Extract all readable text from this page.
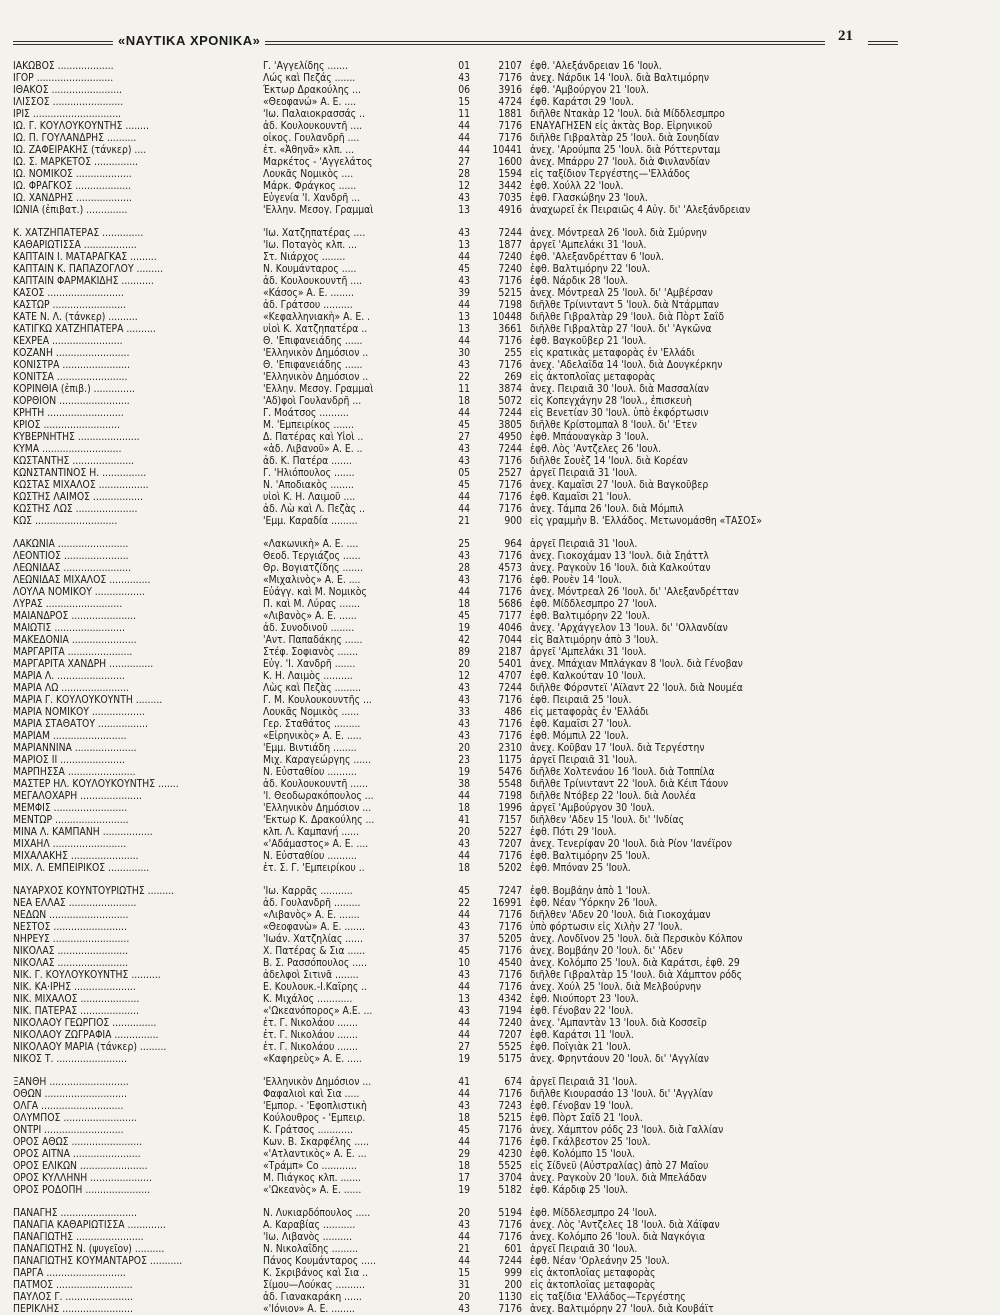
«ΝΑΥΤΙΚΑ ΧΡΟΝΙΚΑ»	21
ΙΑΚΩΒΟΣ ...................	Γ. 'Αγγελίδης .......	01	2107 έφθ. 'Αλεξάνδρειαν 16 'Ιουλ.
ΙΓΟΡ ..........................	Λώς καὶ Πεζάς .......	43	7176 ἀνεχ. Νάρδικ 14 'Ιουλ. διὰ Βαλτιμόρην
ΙΘΑΚΟΣ ........................	Έκτωρ Δρακούλης ...	06	3916 έφθ. 'Αμβούργον 21 'Ιουλ.
ΙΛΙΣΣΟΣ ........................	«Θεοφανώ» Α. Ε. ....	15	4724 έφθ. Καράτσι 29 'Ιουλ.
ΙΡΙΣ ..............................	'Ιω. Παλαιοκρασσάς ..	11	1881 διῆλθε Ντακὰρ 12 'Ιουλ. διὰ Μίδδλεσμπρο
ΙΩ. Γ. ΚΟΥΛΟΥΚΟΥΝΤΗΣ ........	ἀδ. Κουλουκουντῆ ....	44	7176 ΕΝΑΥΑΓΗΣΕΝ εἰς ἀκτὰς Βορ. Εἰρηνικοῦ
ΙΩ. Π. ΓΟΥΛΑΝΔΡΗΣ ..........	οἶκος. Γουλανδρῆ ....	44	7176 διῆλθε Γιβραλτὰρ 25 'Ιουλ. διὰ Σουηδίαν
ΙΩ. ΖΑΦΕΙΡΑΚΗΣ (τάνκερ) ....	ἐτ. «Ἀθηνᾶ» κλπ. ...	44	10441 ἀνεχ. 'Αρούμπα 25 'Ιουλ. διὰ Ρόττερνταμ
ΙΩ. Σ. ΜΑΡΚΕΤΟΣ ...............	Μαρκέτος - 'Αγγελάτος	27	1600 ἀνεχ. Μπάρρυ 27 'Ιουλ. διὰ Φινλανδίαν
ΙΩ. ΝΟΜΙΚΟΣ ...................	Λουκᾶς Νομικὸς ....	28	1594 εἰς ταξίδιον Τεργέστης—'Ελλάδος
ΙΩ. ΦΡΑΓΚΟΣ ...................	Μάρκ. Φράγκος ......	12	3442 ἐφθ. Χούλλ 22 'Ιουλ.
ΙΩ. ΧΑΝΔΡΗΣ ...................	Εὐγενία 'Ι. Χανδρῆ ...	43	7035 ἐφθ. Γλασκώβην 23 'Ιουλ.
ΙΩΝΙΑ (ἐπιβατ.) ..............	'Ελλην. Μεσογ. Γραμμαὶ	13	4916 ἀναχωρεῖ ἐκ Πειραιῶς 4 Αὐγ. δι' 'Αλεξάνδρειαν
Κ. ΧΑΤΖΗΠΑΤΕΡΑΣ ..............	'Ιω. Χατζηπατέρας ....	43	7244 ἀνεχ. Μόντρεαλ 26 'Ιουλ. διὰ Σμύρνην
ΚΑΘΑΡΙΩΤΙΣΣΑ ..................	'Ιω. Ποταγὸς κλπ. ...	13	1877 ἀργεῖ 'Αμπελάκι 31 'Ιουλ.
ΚΑΠΤΑΙΝ Ι. ΜΑΤΑΡΑΓΚΑΣ .........	Στ. Νιάρχος ........	44	7240 ἐφθ. 'Αλεξανδρέτταν 6 'Ιουλ.
ΚΑΠΤΑΙΝ Κ. ΠΑΠΑΖΟΓΛΟΥ .........	Ν. Κουμάνταρος .....	45	7240 ἐφθ. Βαλτιμόρην 22 'Ιουλ.
ΚΑΠΤΑΙΝ ΦΑΡΜΑΚΙΔΗΣ ...........	ἀδ. Κουλουκουντῆ ....	43	7176 ἐφθ. Νάρδικ 28 'Ιουλ.
ΚΑΣΟΣ ..........................	«Κάσος» Α. Ε. ........	39	5215 ἀνεχ. Μόντρεαλ 25 'Ιουλ. δι' 'Αμβέρσαν
ΚΑΣΤΩΡ .........................	ἀδ. Γράτσου ..........	44	7198 διῆλθε Τρίνινταντ 5 'Ιουλ. διὰ Ντάρμπαν
ΚΑΤΕ Ν. Λ. (τάνκερ) ..........	«Κεφαλληνιακὴ» Α. Ε. .	13	10448 διῆλθε Γιβραλτὰρ 29 'Ιουλ. διὰ Πὸρτ Σαΐδ
ΚΑΤΙΓΚΩ ΧΑΤΖΗΠΑΤΕΡΑ ..........	υἱοὶ Κ. Χατζηπατέρα ..	13	3661 διῆλθε Γιβραλτὰρ 27 'Ιουλ. δι' 'Αγκῶνα
ΚΕΧΡΕΑ ........................	Θ. 'Επιφανειάδης ......	44	7176 ἐφθ. Βαγκοῦβερ 21 'Ιουλ.
ΚΟΖΑΝΗ .........................	'Ελληνικὸν Δημόσιον ..	30	255 εἰς κρατικὰς μεταφορὰς ἐν 'Ελλάδι
ΚΟΝΙΣΤΡΑ .......................	Θ. 'Επιφανειάδης ......	43	7176 ἀνεχ. 'Αδελαΐδα 14 'Ιουλ. διὰ Δουγκέρκην
ΚΟΝΙΤΣΑ ........................	'Ελληνικὸν Δημόσιον ..	22	269 εἰς ἀκτοπλοΐας μεταφορὰς
ΚΟΡΙΝΘΙΑ (ἐπιβ.) ..............	'Ελλην. Μεσογ. Γραμμαὶ	11	3874 ἀνεχ. Πειραιᾶ 30 'Ιουλ. διὰ Μασσαλίαν
ΚΟΡΘΙΟΝ ........................	'Αδ)φοὶ Γουλανδρῆ ...	18	5072 εἰς Κοπεγχάγην 28 'Ιουλ., ἐπισκευὴ
ΚΡΗΤΗ ..........................	Γ. Μοάτσος ..........	44	7244 εἰς Βενετίαν 30 'Ιουλ. ὑπὸ ἐκφόρτωσιν
ΚΡΙΟΣ ..........................	Μ. 'Εμπειρίκος .......	45	3805 διῆλθε Κρίστομπαλ 8 'Ιουλ. δι' 'Ετεν
ΚΥΒΕΡΝΗΤΗΣ .....................	Δ. Πατέρας καὶ Υἱοὶ ..	27	4950 ἐφθ. Μπάουαγκὰρ 3 'Ιουλ.
ΚΥΜΑ ...........................	«ἀδ. Λιβανοῦ» Α. Ε. ..	43	7244 ἐφθ. Λὸς 'Αντζελες 26 'Ιουλ.
ΚΩΣΤΑΝΤΗΣ .....................	ἀδ. Κ. Πατέρα .......	43	7176 διῆλθε Σουὲζ 14 'Ιουλ. διὰ Κορέαν
ΚΩΝΣΤΑΝΤΙΝΟΣ Η. ...............	Γ. 'Ηλιόπουλος .......	05	2527 ἀργεῖ Πειραιᾶ 31 'Ιουλ.
ΚΩΣΤΑΣ ΜΙΧΑΛΟΣ .................	Ν. 'Αποδιακὸς ........	45	7176 ἀνεχ. Καμαΐσι 27 'Ιουλ. διὰ Βαγκοῦβερ
ΚΩΣΤΗΣ ΛΑΙΜΟΣ .................	υἱοὶ Κ. Η. Λαιμοῦ ....	44	7176 ἐφθ. Καμαΐσι 21 'Ιουλ.
ΚΩΣΤΗΣ ΛΩΣ .....................	ἀδ. Λὼ καὶ Λ. Πεζὰς ..	44	7176 ἀνεχ. Τάμπα 26 'Ιουλ. διὰ Μόμπιλ
ΚΩΣ ............................	'Εμμ. Καραδία .........	21	900 εἰς γραμμὴν Β. 'Ελλάδος. Μετωνομάσθη «ΤΑΣΟΣ»
ΛΑΚΩΝΙΑ ........................	«Λακωνικὴ» Α. Ε. ....	25	964 ἀργεῖ Πειραιᾶ 31 'Ιουλ.
ΛΕΟΝΤΙΟΣ ......................	Θεοδ. Τεργιάζος ......	43	7176 ἀνεχ. Γιοκοχάμαν 13 'Ιουλ. διὰ Σηάττλ
ΛΕΩΝΙΔΑΣ .......................	Θρ. Βογιατζίδης .......	28	4573 ἀνεχ. Ραγκοὺν 16 'Ιουλ. διὰ Καλκούταν
ΛΕΩΝΙΔΑΣ ΜΙΧΑΛΟΣ ..............	«Μιχαλινὸς» Α. Ε. ....	43	7176 ἐφθ. Ρουὲν 14 'Ιουλ.
ΛΟΥΛΑ ΝΟΜΙΚΟΥ .................	Εὐάγγ. καὶ Μ. Νομικὸς	44	7176 ἀνεχ. Μόντρεαλ 26 'Ιουλ. δι' 'Αλεξανδρέτταν
ΛΥΡΑΣ ..........................	Π. καὶ Μ. Λύρας .......	18	5686 ἐφθ. Μίδδλεσμπρο 27 'Ιουλ.
ΜΑΙΑΝΔΡΟΣ ......................	«Λιβανὸς» Α. Ε. ......	45	7177 ἐφθ. Βαλτιμόρην 22 'Ιουλ.
ΜΑΙΩΤΙΣ ........................	ἀδ. Συνοδινοῦ ........	19	4046 ἀνεχ. 'Αρχάγγελον 13 'Ιουλ. δι' 'Ολλανδίαν
ΜΑΚΕΔΟΝΙΑ ......................	'Αντ. Παπαδάκης ......	42	7044 εἰς Βαλτιμόρην ἀπὸ 3 'Ιουλ.
ΜΑΡΓΑΡΙΤΑ ......................	Στέφ. Σοφιανὸς .......	89	2187 ἀργεῖ 'Αμπελάκι 31 'Ιουλ.
ΜΑΡΓΑΡΙΤΑ ΧΑΝΔΡΗ ...............	Εὐγ. 'Ι. Χανδρῆ .......	20	5401 ἀνεχ. Μπάχιαν Μπλάγκαν 8 'Ιουλ. διὰ Γένοβαν
ΜΑΡΙΑ Λ. .......................	Κ. Η. Λαιμὸς ..........	12	4707 ἐφθ. Καλκούταν 10 'Ιουλ.
ΜΑΡΙΑ ΛΩ .......................	Λὼς καὶ Πεζὰς .........	43	7244 διῆλθε Φόρσντεϊ 'Αϊλαντ 22 'Ιουλ. διὰ Νουμέα
ΜΑΡΙΑ Γ. ΚΟΥΛΟΥΚΟΥΝΤΗ .........	Γ. Μ. Κουλουκουντῆς ...	43	7176 ἐφθ. Πειραιᾶ 25 'Ιουλ.
ΜΑΡΙΑ ΝΟΜΙΚΟΥ ..................	Λουκᾶς Νομικὸς ......	33	486 εἰς μεταφορὰς ἐν 'Ελλάδι
ΜΑΡΙΑ ΣΤΑΘΑΤΟΥ .................	Γερ. Σταθάτος .........	43	7176 ἐφθ. Καμαΐσι 27 'Ιουλ.
ΜΑΡΙΑΜ .........................	«Εἰρηνικὸς» Α. Ε. .....	43	7176 ἐφθ. Μόμπιλ 22 'Ιουλ.
ΜΑΡΙΑΝΝΙΝΑ .....................	'Εμμ. Βιντιάδη ........	20	2310 ἀνεχ. Κοῦβαν 17 'Ιουλ. διὰ Τεργέστην
ΜΑΡΙΟΣ ΙΙ ......................	Μιχ. Καραγεώργης ......	23	1175 ἀργεῖ Πειραιᾶ 31 'Ιουλ.
ΜΑΡΠΗΣΣΑ .......................	Ν. Εὐσταθίου ..........	19	5476 διῆλθε Χολτενάου 16 'Ιουλ. διὰ Τοππίλα
ΜΑΣΤΕΡ ΗΛ. ΚΟΥΛΟΥΚΟΥΝΤΗΣ .......	ἀδ. Κουλουκουντῆ ......	38	5548 διῆλθε Τρίνινταντ 22 'Ιουλ. διὰ Κέιπ Τάουν
ΜΕΓΑΛΟΧΑΡΗ .....................	'Ι. Θεοδωρακόπουλος ...	44	7198 διῆλθε Ντόβερ 22 'Ιουλ. διὰ Λουλέα
ΜΕΜΦΙΣ .........................	'Ελληνικὸν Δημόσιον ...	18	1996 ἀργεῖ 'Αμβούργον 30 'Ιουλ.
ΜΕΝΤΩΡ .........................	'Εκτωρ Κ. Δρακούλης ...	41	7157 διῆλθεν 'Αδεν 15 'Ιουλ. δι' 'Ινδίας
ΜΙΝΑ Λ. ΚΑΜΠΑΝΗ .................	κλπ. Λ. Καμπανή ......	20	5227 ἐφθ. Πότι 29 'Ιουλ.
ΜΙΧΑΗΛ .........................	«'Αδάμαστος» Α. Ε. ....	43	7207 ἀνεχ. Τενερίφαν 20 'Ιουλ. διὰ Ρίον 'Ιανέϊρον
ΜΙΧΑΛΑΚΗΣ .......................	Ν. Εὐσταθίου ..........	44	7176 ἐφθ. Βαλτιμόρην 25 'Ιουλ.
ΜΙΧ. Λ. ΕΜΠΕΙΡΙΚΟΣ ..............	ἐτ. Σ. Γ. 'Εμπειρίκου ..	18	5202 ἐφθ. Μπόναν 25 'Ιουλ.
ΝΑΥΑΡΧΟΣ ΚΟΥΝΤΟΥΡΙΩΤΗΣ .........	'Ιω. Καρρᾶς ...........	45	7247 ἐφθ. Βομβάην ἀπὸ 1 'Ιουλ.
ΝΕΑ ΕΛΛΑΣ .......................	ἀδ. Γουλανδρῆ .........	22	16991 ἐφθ. Νέαν 'Υόρκην 26 'Ιουλ.
ΝΕΔΩΝ ...........................	«Λιβανὸς» Α. Ε. .......	44	7176 διῆλθεν 'Αδεν 20 'Ιουλ. διὰ Γιοκοχάμαν
ΝΕΣΤΟΣ .........................	«Θεοφανὼ» Α. Ε. .......	43	7176 ὑπὸ φόρτωσιν εἰς Χιλὴν 27 'Ιουλ.
ΝΗΡΕΥΣ ..........................	'Ιωάν. Χατζηλίας ......	37	5205 ἀνεχ. Λονδῖνον 25 'Ιουλ. διὰ Περσικὸν Κόλπον
ΝΙΚΟΛΑΣ ........................	Χ. Πατέρας & Σια ......	45	7176 ἀνεχ. Βομβάην 20 'Ιουλ. δι' 'Αδεν
ΝΙΚΟΛΑΣ ........................	Β. Σ. Ρασσόπουλος .....	10	4540 ἀνεχ. Κολόμπο 25 'Ιουλ. διὰ Καράτσι, ἐφθ. 29
ΝΙΚ. Γ. ΚΟΥΛΟΥΚΟΥΝΤΗΣ ..........	ἀδελφοὶ Σιτινᾶ ........	43	7176 διῆλθε Γιβραλτὰρ 15 'Ιουλ. διὰ Χάμπτον ρόδς
ΝΙΚ. ΚΑ·ΙΡΗΣ .....................	Ε. Κουλουκ.-Ι.Καΐρης ..	44	7176 ἀνεχ. Χούλ 25 'Ιουλ. διὰ Μελβούρνην
ΝΙΚ. ΜΙΧΑΛΟΣ ....................	Κ. Μιχάλος ............	13	4342 ἐφθ. Νιούπορτ 23 'Ιουλ.
ΝΙΚ. ΠΑΤΕΡΑΣ ....................	«'Ωκεανόπορος» Α.Ε. ...	43	7194 ἐφθ. Γένοβαν 22 'Ιουλ.
ΝΙΚΟΛΑΟΥ ΓΕΩΡΓΙΟΣ ...............	ἐτ. Γ. Νικολάου .......	44	7240 ἀνεχ. 'Αμπαντὰν 13 'Ιουλ. διὰ Κοσσεΐρ
ΝΙΚΟΛΑΟΥ ΖΩΓΡΑΦΙΑ ...............	ἐτ. Γ. Νικολάου .......	44	7207 ἐφθ. Καράτσι 11 'Ιουλ.
ΝΙΚΟΛΑΟΥ ΜΑΡΙΑ (τάνκερ) .........	ἐτ. Γ. Νικολάου .......	27	5525 ἐφθ. Ποΐγιὰκ 21 'Ιουλ.
ΝΙΚΟΣ Τ. ........................	«Καφηρεὺς» Α. Ε. .....	19	5175 ἀνεχ. Φρηντάουν 20 'Ιουλ. δι' 'Αγγλίαν
ΞΑΝΘΗ ...........................	'Ελληνικὸν Δημόσιον ...	41	674 ἀργεῖ Πειραιᾶ 31 'Ιουλ.
ΟΘΩΝ ............................	Φαφαλιοὶ καὶ Σια .....	44	7176 διῆλθε Κιουρασάο 13 'Ιουλ. δι' 'Αγγλίαν
ΟΛΓΑ ............................	'Εμπορ. - 'Εφοπλιστικὴ	43	7243 ἐφθ. Γένοβαν 19 'Ιουλ.
ΟΛΥΜΠΟΣ .........................	Κούλουθρος - 'Εμπειρ.	18	5215 ἐφθ. Πὸρτ Σαΐδ 21 'Ιουλ.
ΟΝΤΡΙ ...........................	Κ. Γράτσος ............	45	7176 ἀνεχ. Χάμπτον ρόδς 23 'Ιουλ. διὰ Γαλλίαν
ΟΡΟΣ ΑΘΩΣ ........................	Κων. Β. Σκαρφέλης .....	44	7176 ἐφθ. Γκάλβεστον 25 'Ιουλ.
ΟΡΟΣ ΑΙΤΝΑ .......................	«'Ατλαντικὸς» Α. Ε. ...	29	4230 ἐφθ. Κολόμπο 15 'Ιουλ.
ΟΡΟΣ ΕΛΙΚΩΝ .......................	«Τράμπ» Co ............	18	5525 εἰς Σίδνεϋ (Αὐστραλίας) ἀπὸ 27 Μαΐου
ΟΡΟΣ ΚΥΛΛΗΝΗ .....................	Μ. Πιάγκος κλπ. .......	17	3704 ἀνεχ. Ραγκοὺν 20 'Ιουλ. διὰ Μπελάδαν
ΟΡΟΣ ΡΟΔΟΠΗ ......................	«'Ωκεανὸς» Α. Ε. ......	19	5182 ἐφθ. Κάρδιφ 25 'Ιουλ.
ΠΑΝΑΓΗΣ ..........................	Ν. Λυκιαρδόπουλος .....	20	5194 ἐφθ. Μίδδλεσμπρο 24 'Ιουλ.
ΠΑΝΑΓΙΑ ΚΑΘΑΡΙΩΤΙΣΣΑ .............	Α. Καραβίας ...........	43	7176 ἀνεχ. Λὸς 'Αντζελες 18 'Ιουλ. διὰ Χάϊφαν
ΠΑΝΑΓΙΩΤΗΣ .......................	'Ιω. Λιβανὸς ..........	44	7176 ἀνεχ. Κολόμπο 26 'Ιουλ. διὰ Ναγκόγια
ΠΑΝΑΓΙΩΤΗΣ Ν. (ψυγεῖον) ..........	Ν. Νικολαΐδης .........	21	601 ἀργεῖ Πειραιᾶ 30 'Ιουλ.
ΠΑΝΑΓΙΩΤΗΣ ΚΟΥΜΑΝΤΑΡΟΣ ...........	Πάνος Κουμάνταρος .....	44	7244 ἐφθ. Νέαν 'Ορλεάνην 25 'Ιουλ.
ΠΑΡΓΑ ...........................	Κ. Σκριβάνος καὶ Σια ..	15	999 εἰς ἀκτοπλοΐας μεταφορὰς
ΠΑΤΜΟΣ ..........................	Σίμου—Λούκας ..........	31	200 εἰς ἀκτοπλοΐας μεταφορὰς
ΠΑΥΛΟΣ Γ. .......................	ἀδ. Γιανακαράκη ......	20	1130 εἰς ταξίδια 'Ελλάδος—Τεργέστης
ΠΕΡΙΚΛΗΣ ........................	«'Ιόνιον» Α. Ε. ........	43	7176 ἀνεχ. Βαλτιμόρην 27 'Ιουλ. διὰ Κουβάϊτ
